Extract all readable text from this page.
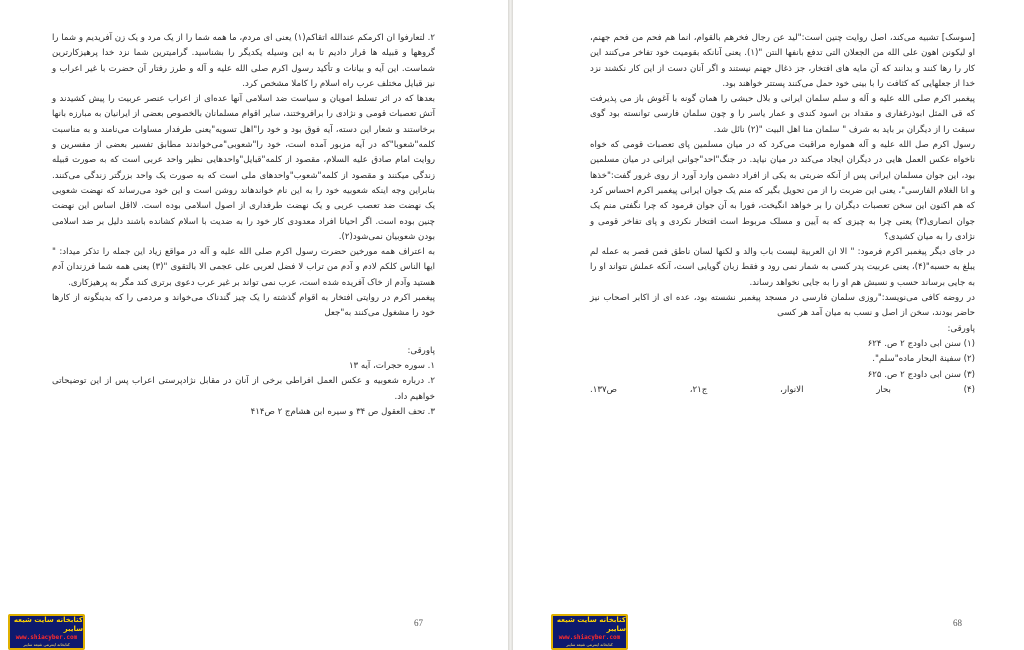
۲. لتعارفوا ان اکرمکم عندالله اتقاکم(۱) یعنی ای مردم، ما همه شما را از یک مرد و یک زن آفریدیم و شما را گروهها و قبیله ها قرار دادیم تا به این وسیله یکدیگر را بشناسید. گرامیترین شما نزد خدا پرهیزکارترین شماست. این آیه و بیانات و تأکید رسول اکرم صلی الله علیه و آله و طرز رفتار آن حضرت با غیر اعراب و نیز قبایل مختلف عرب راه اسلام را کاملا مشخص کرد.

بعدها که در اثر تسلط امویان و سیاست ضد اسلامی آنها عده‌ای از اعراب عنصر عربیت را پیش کشیدند و آتش تعصبات قومی و نژادی را برافروختند، سایر اقوام مسلمانان بالخصوص بعضی از ایرانیان به مبارزه بانها برخاستند و شعار این دسته، آیه فوق بود و خود را"اهل تسویه"یعنی طرفدار مساوات می‌نامند و به مناسبت کلمه"شعوبا"که در آیه مزبور آمده است، خود را"شعوبی"می‌خواندند مطابق تفسیر بعضی از مفسرین و روایت امام صادق علیه السلام، مقصود از کلمه"قبایل"واحدهایی نظیر واحد عربی است که به صورت قبیله زندگی میکنند و مقصود از کلمه"شعوب"واحدهای ملی است که به صورت یک واحد بزرگتر زندگی می‌کنند. بنابراین وجه اینکه شعوبیه خود را به این نام خواندهاند روشن است و این خود می‌رساند که نهضت شعوبی یک نهضت ضد تعصب عربی و یک نهضت طرفداری از اصول اسلامی بوده است. لااقل اساس این نهضت چنین بوده است. اگر احیانا افراد معدودی کار خود را به ضدیت با اسلام کشانده باشند دلیل بر ضد اسلامی بودن شعوبیان نمی‌شود(۲).

به اعتراف همه مورخین حضرت رسول اکرم صلی الله علیه و آله در مواقع زیاد این جمله را تذکر میداد: " ایها الناس کلکم لادم و آدم من تراب لا فضل لعربی علی عجمی الا بالتقوی "(۳) یعنی همه شما فرزندان آدم هستید وآدم از خاک آفریده شده است، عرب نمی تواند بر غیر عرب دعوی برتری کند مگر به پرهیزکاری.

پیغمبر اکرم در روایتی افتخار به اقوام گذشته را یک چیز گندناک می‌خواند و مردمی را که بدینگونه از کارها خود را مشغول می‌کنند به"جعل

پاورقی:

۱. سوره حجرات، آیه ۱۳

۲. درباره شعوبیه و عکس العمل افراطی برخی از آنان در مقابل نژادپرستی اعراب پس از این توضیحاتی خواهیم داد.

۳. تحف العقول ص ۳۴ و سیره ابن هشام‌ج ۲ ص۴۱۴

67
کتابخانه سایت شیعه سایبر
www.shiacyber.com
کتابخانه اینترنتی شیعه سایبر

[سوسک] تشبیه می‌کند، اصل روایت چنین است:"لید عن رجال فخرهم بالقوام، انما هم فحم من فحم جهنم، او لیکونن اهون علی الله من الجعلان التی تدفع بانفها النتن "(۱). یعنی آنانکه بقومیت خود تفاخر می‌کنند این کار را رها کنند و بدانند که آن مایه های افتخار، جز ذغال جهنم نیستند و اگر آنان دست از این کار نکشند نزد خدا از جعلهایی که کثافت را با بینی خود حمل می‌کنند پستتر خواهند بود.

پیغمبر اکرم صلی الله علیه و آله و سلم سلمان ایرانی و بلال حبشی را همان گونه با آغوش باز می پذیرفت که قی المثل ابوذرغفاری و مقداد بن اسود کندی و عمار یاسر را و چون سلمان فارسی توانسته بود گوی سبقت را از دیگران بر باید به شرف " سلمان منا اهل البیت "(۲) نائل شد.

رسول اکرم صل الله علیه و آله همواره مراقبت می‌کرد که در میان مسلمین پای تعصبات قومی که خواه ناخواه عکس العمل هایی در دیگران ایجاد می‌کند در میان نیاید. در جنگ"احد"جوانی ایرانی در میان مسلمین بود، این جوان مسلمان ایرانی پس از آنکه ضربتی به یکی از افراد دشمن وارد آورد از روی غرور گفت:"خذها و انا الغلام الفارسی"، یعنی این ضربت را از من تحویل بگیر که منم یک جوان ایرانی پیغمبر اکرم احساس کرد که هم اکنون این سخن تعصبات دیگران را بر خواهد انگیخت، فورا به آن جوان فرمود که چرا نگفتی منم یک جوان انصاری(۳) یعنی چرا به چیزی که به آیین و مسلک مربوط است افتخار نکردی و پای تفاخر قومی و نژادی را به میان کشیدی؟

در جای دیگر پیغمبر اکرم فرمود: " الا ان العربیة لیست باب والد و لکنها لسان ناطق فمن قصر به عمله لم یبلغ به حسبه"(۴)، یعنی عربیت پدر کسی به شمار نمی رود و فقط زبان گویایی است، آنکه عملش نتواند او را به جایی برساند حسب و نسبش هم او را به جایی نخواهد رساند.

در روضه کافی می‌نویسد:"روزی سلمان فارسی در مسجد پیغمبر نشسته بود، عده ای از اکابر اصحاب نیز حاضر بودند، سخن از اصل و نسب به میان آمد هر کسی

پاورقی:

(۱) سنن ابی داودج ۲ ص. ۶۲۴

(۲) سفینة البحار ماده"سلم".

(۳) سنن ابی داودج ۲ ص. ۶۲۵

(۴)
بحار
الانوار،
ج۲۱،
ص۱۳۷.
68
کتابخانه سایت شیعه سایبر
www.shiacyber.com
کتابخانه اینترنتی شیعه سایبر
